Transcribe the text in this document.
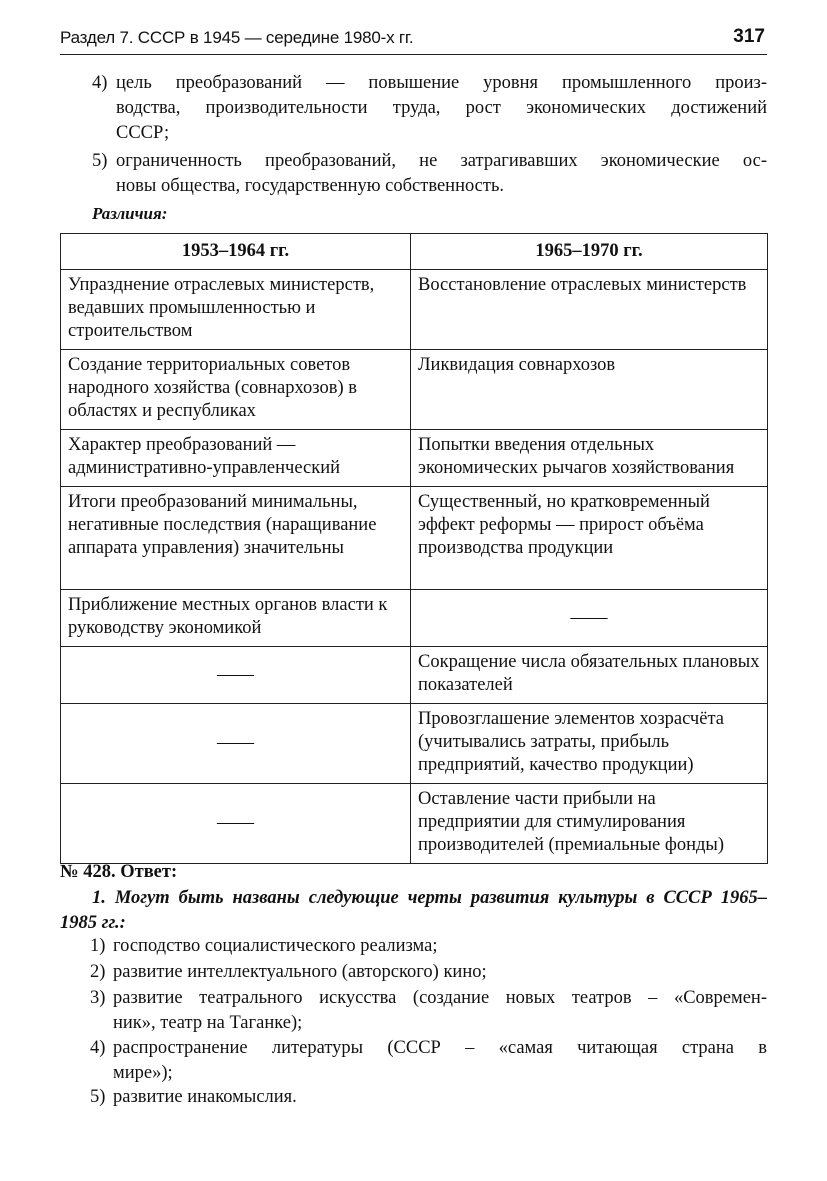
Раздел 7. СССР в 1945 — середине 1980-х гг.	317
4) цель преобразований — повышение уровня промышленного произ-
водства, производительности труда, рост экономических достижений
СССР;
5) ограниченность преобразований, не затрагивавших экономические ос-
новы общества, государственную собственность.
Различия:
1953–1964 гг.	1965–1970 гг.
Упразднение отраслевых министерств, ведавших промышленностью и строительством	Восстановление отраслевых министерств
Создание территориальных советов народного хозяйства (совнархозов) в областях и республиках	Ликвидация совнархозов
Характер преобразований — административно-управленческий	Попытки введения отдельных экономических рычагов хозяйствования
Итоги преобразований минимальны, негативные последствия (наращивание аппарата управления) значительны	Существенный, но кратковременный эффект реформы — прирост объёма производства продукции
Приближение местных органов власти к руководству экономикой	——
——	Сокращение числа обязательных плановых показателей
——	Провозглашение элементов хозрасчёта (учитывались затраты, прибыль предприятий, качество продукции)
——	Оставление части прибыли на предприятии для стимулирования производителей (премиальные фонды)
№ 428. Ответ:
1. Могут быть названы следующие черты развития культуры в СССР 1965–
1985 гг.:
1) господство социалистического реализма;
2) развитие интеллектуального (авторского) кино;
3) развитие театрального искусства (создание новых театров – «Современ-
ник», театр на Таганке);
4) распространение литературы (СССР – «самая читающая страна в
мире»);
5) развитие инакомыслия.
